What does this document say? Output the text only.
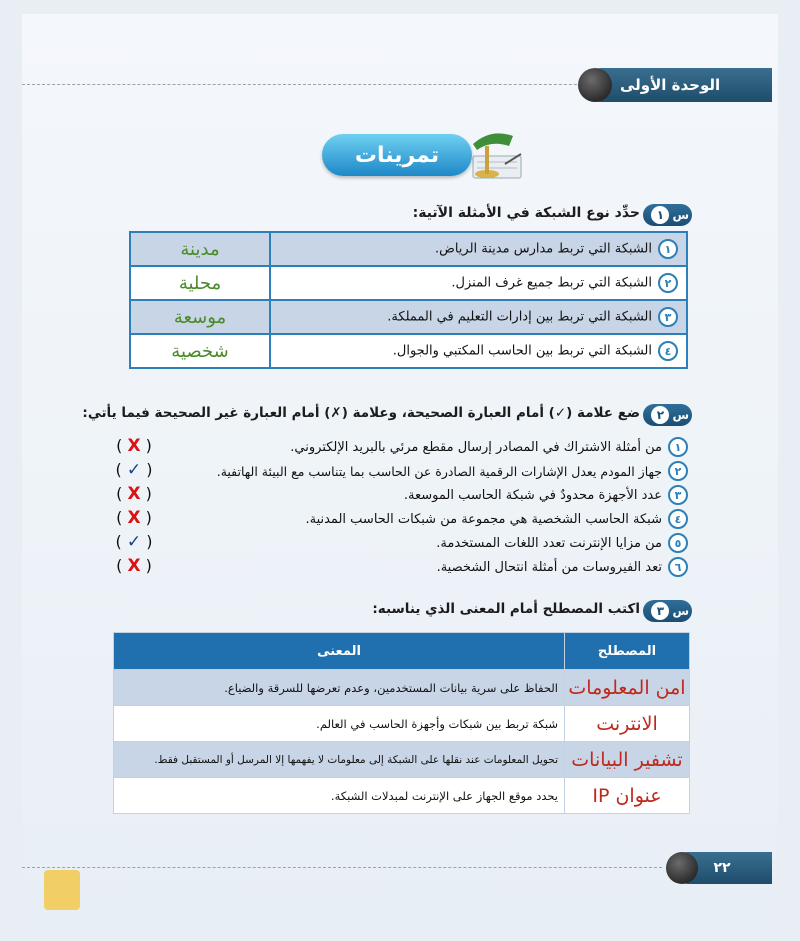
الوحدة الأولى
تمرينات
س
١
حدِّد نوع الشبكة في الأمثلة الآتية:
١الشبكة التي تربط مدارس مدينة الرياض.	مدينة
٢الشبكة التي تربط جميع غرف المنزل.	محلية
٣الشبكة التي تربط بين إدارات التعليم في المملكة.	موسعة
٤الشبكة التي تربط بين الحاسب المكتبي والجوال.	شخصية
س
٢
ضع علامة (✓) أمام العبارة الصحيحة، وعلامة (✗) أمام العبارة غير الصحيحة فيما يأتي:
١
من أمثلة الاشتراك في المصادر إرسال مقطع مرئي بالبريد الإلكتروني.
( X )
٢
جهاز المودم يعدل الإشارات الرقمية الصادرة عن الحاسب بما يتناسب مع البيئة الهاتفية.
( ✓ )
٣
عدد الأجهزة محدودٌ في شبكة الحاسب الموسعة.
( X )
٤
شبكة الحاسب الشخصية هي مجموعة من شبكات الحاسب المدنية.
( X )
٥
من مزايا الإنترنت تعدد اللغات المستخدمة.
( ✓ )
٦
تعد الفيروسات من أمثلة انتحال الشخصية.
( X )
س
٣
اكتب المصطلح أمام المعنى الذي يناسبه:
المصطلح	المعنى
امن المعلومات	الحفاظ على سرية بيانات المستخدمين، وعدم تعرضها للسرقة والضياع.
الانترنت	شبكة تربط بين شبكات وأجهزة الحاسب في العالم.
تشفير البيانات	تحويل المعلومات عند نقلها على الشبكة إلى معلومات لا يفهمها إلا المرسل أو المستقبل فقط.
عنوان IP	يحدد موقع الجهاز على الإنترنت لمبدلات الشبكة.
٢٢
